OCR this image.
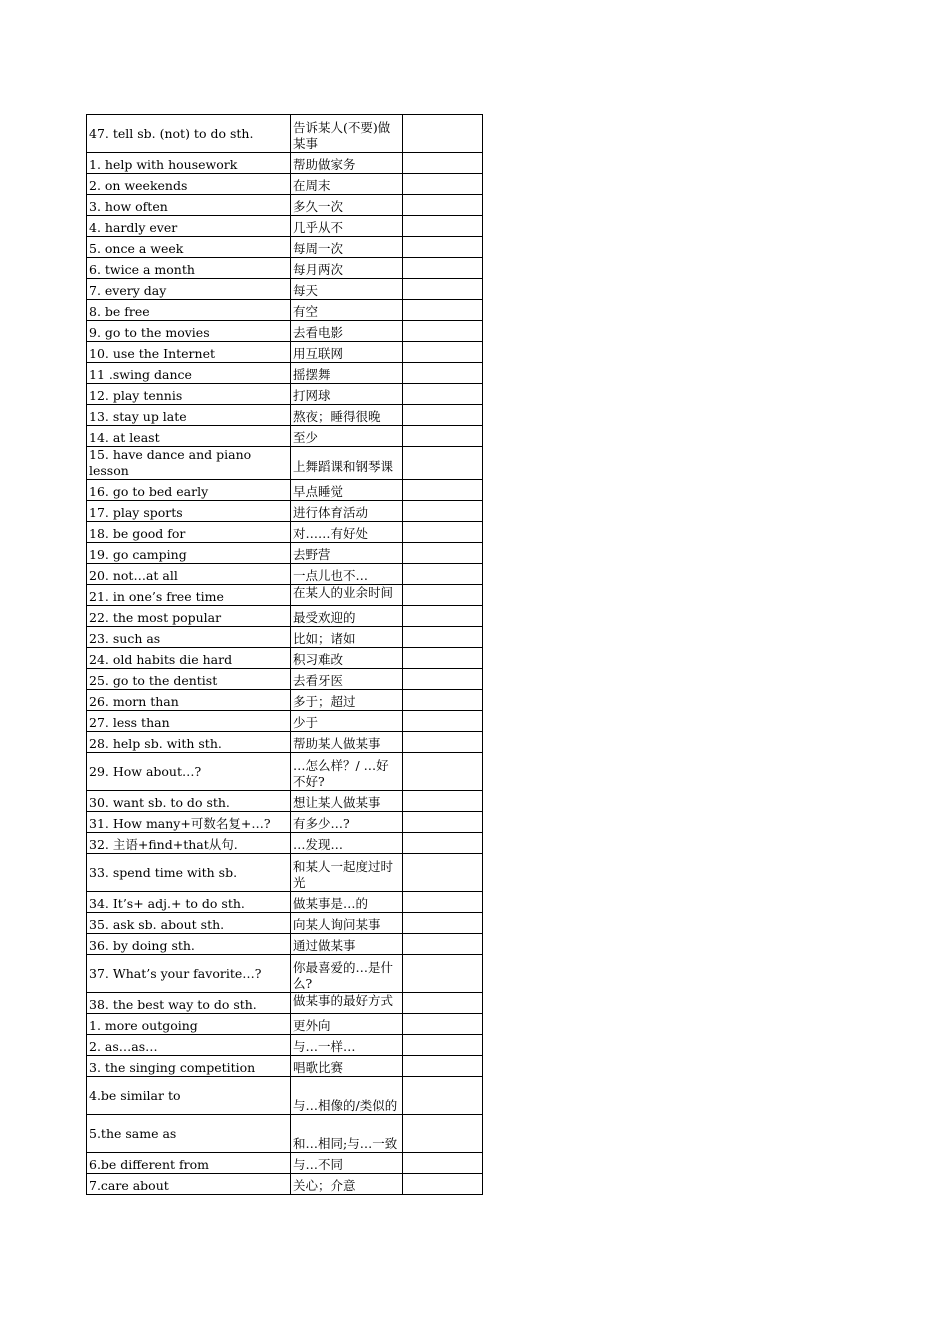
47. tell sb. (not) to do sth.	告诉某人(不要)做某事	

1. help with housework	帮助做家务	

2. on weekends	在周末	

3. how often	多久一次	

4. hardly ever	几乎从不	

5. once a week	每周一次	

6. twice a month	每月两次	

7. every day	每天	

8. be free	有空	

9. go to the movies	去看电影	

10. use the Internet	用互联网	

11 .swing dance	摇摆舞	

12. play tennis	打网球	

13. stay up late	熬夜；睡得很晚	

14. at least	至少	

15. have dance and piano lesson	上舞蹈课和钢琴课	

16. go to bed early	早点睡觉	

17. play sports	进行体育活动	

18. be good for	对……有好处	

19. go camping	去野营	

20. not…at all	一点儿也不…	

21. in one’s free time	在某人的业余时间	

22. the most popular	最受欢迎的	

23. such as	比如；诸如	

24. old habits die hard	积习难改	

25. go to the dentist	去看牙医	

26. morn than	多于；超过	

27. less than	少于	

28. help sb. with sth.	帮助某人做某事	

29. How about…?	…怎么样？/ …好不好?	

30. want sb. to do sth.	想让某人做某事	

31. How many+可数名复+…?	有多少…?	

32. 主语+find+that从句.	…发现…	

33. spend time with sb.	和某人一起度过时光	

34. It’s+ adj.+ to do sth.	做某事是…的	

35. ask sb. about sth.	向某人询问某事	

36. by doing sth.	通过做某事	

37. What’s your favorite…?	你最喜爱的…是什么?	

38. the best way to do sth.	做某事的最好方式	

1. more outgoing	更外向	

2. as…as…	与…一样…	

3. the singing competition	唱歌比赛	

4.be similar to	与…相像的/类似的	

5.the same as	和…相同;与…一致	

6.be different from	与…不同	

7.care about	关心；介意	
